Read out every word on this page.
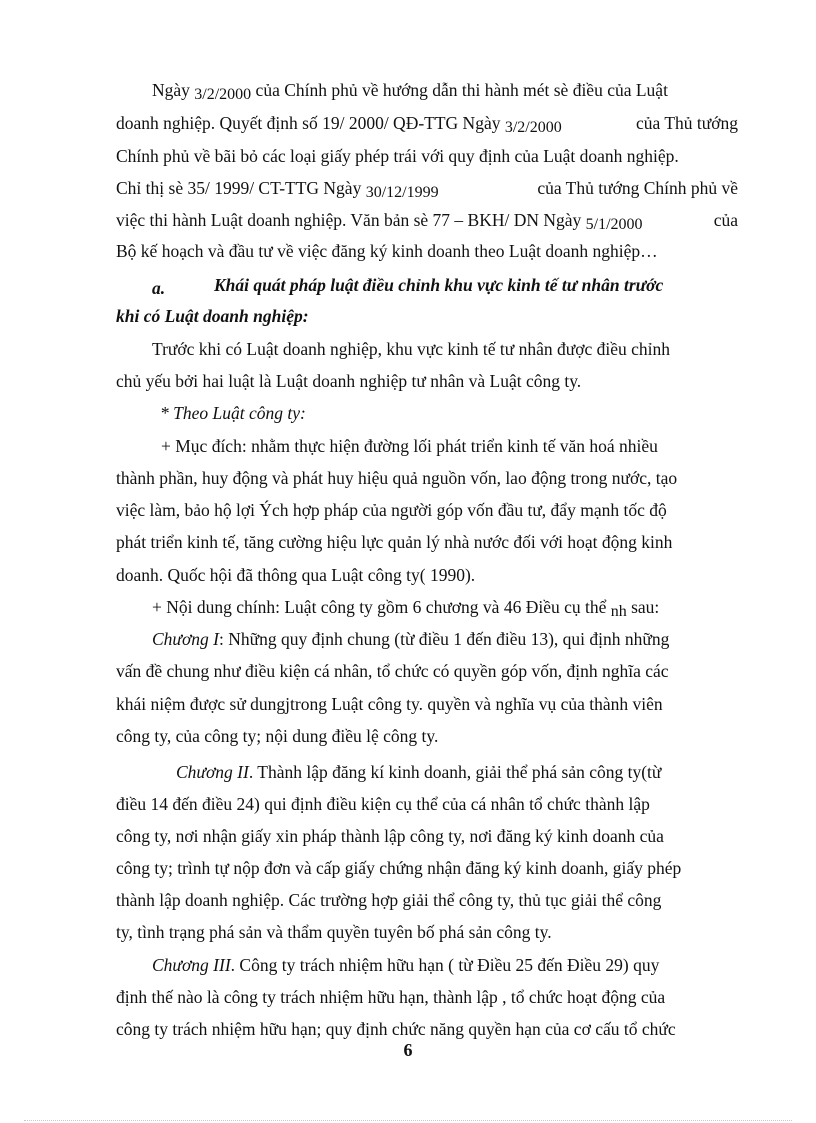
Ngày 3/2/2000 của Chính phủ về hướng dẫn thi hành mét sè điều của Luật
doanh nghiệp. Quyết định số 19/ 2000/ QĐ-TTG Ngày 3/2/2000	của Thủ tướng
Chính phủ về bãi bỏ các loại giấy phép trái với quy định của Luật doanh nghiệp.
Chỉ thị sè 35/ 1999/ CT-TTG Ngày 30/12/1999	của Thủ tướng Chính phủ về
việc thi hành Luật doanh nghiệp. Văn bản sè 77 – BKH/ DN Ngày 5/1/2000	của
Bộ kế hoạch và đầu tư về việc đăng ký kinh doanh theo Luật doanh nghiệp…
a.	Khái quát pháp luật điều chỉnh khu vực kinh tế tư nhân trước
khi có Luật doanh nghiệp:
Trước khi có Luật doanh nghiệp, khu vực kinh tế tư nhân được điều chỉnh
chủ yếu bởi hai luật là Luật doanh nghiệp tư nhân và Luật công ty.
* Theo Luật công ty:
+ Mục đích: nhằm thực hiện đường lối phát triển kinh tế văn hoá nhiều
thành phần, huy động và phát huy hiệu quả nguồn vốn, lao động trong nước, tạo
việc làm, bảo hộ lợi Ých hợp pháp của người góp vốn đầu tư, đẩy mạnh tốc độ
phát triển kinh tế, tăng cường hiệu lực quản lý nhà nước đối với hoạt động kinh
doanh. Quốc hội đã thông qua Luật công ty( 1990).
+ Nội dung chính: Luật công ty gồm 6 chương và 46 Điều cụ thể nh sau:
Chương I: Những quy định chung (từ điều 1 đến điều 13), qui định những
vấn đề chung như điều kiện cá nhân, tổ chức có quyền góp vốn, định nghĩa các
khái niệm được sử dungjtrong Luật công ty. quyền và nghĩa vụ của thành viên
công ty, của công ty; nội dung điều lệ công ty.
Chương II. Thành lập đăng kí kinh doanh, giải thể phá sản công ty(từ
điều 14 đến điều 24) qui định điều kiện cụ thể của cá nhân tổ chức thành lập
công ty, nơi nhận giấy xin pháp thành lập công ty, nơi đăng ký kinh doanh của
công ty; trình tự nộp đơn và cấp giấy chứng nhận đăng ký kinh doanh, giấy phép
thành lập doanh nghiệp. Các trường hợp giải thể công ty, thủ tục giải thể công
ty, tình trạng phá sản và thẩm quyền tuyên bố phá sản công ty.
Chương III. Công ty trách nhiệm hữu hạn ( từ Điều 25 đến Điều 29) quy
định thế nào là công ty trách nhiệm hữu hạn, thành lập , tổ chức hoạt động của
công ty trách nhiệm hữu hạn; quy định chức năng quyền hạn của cơ cấu tổ chức
6
